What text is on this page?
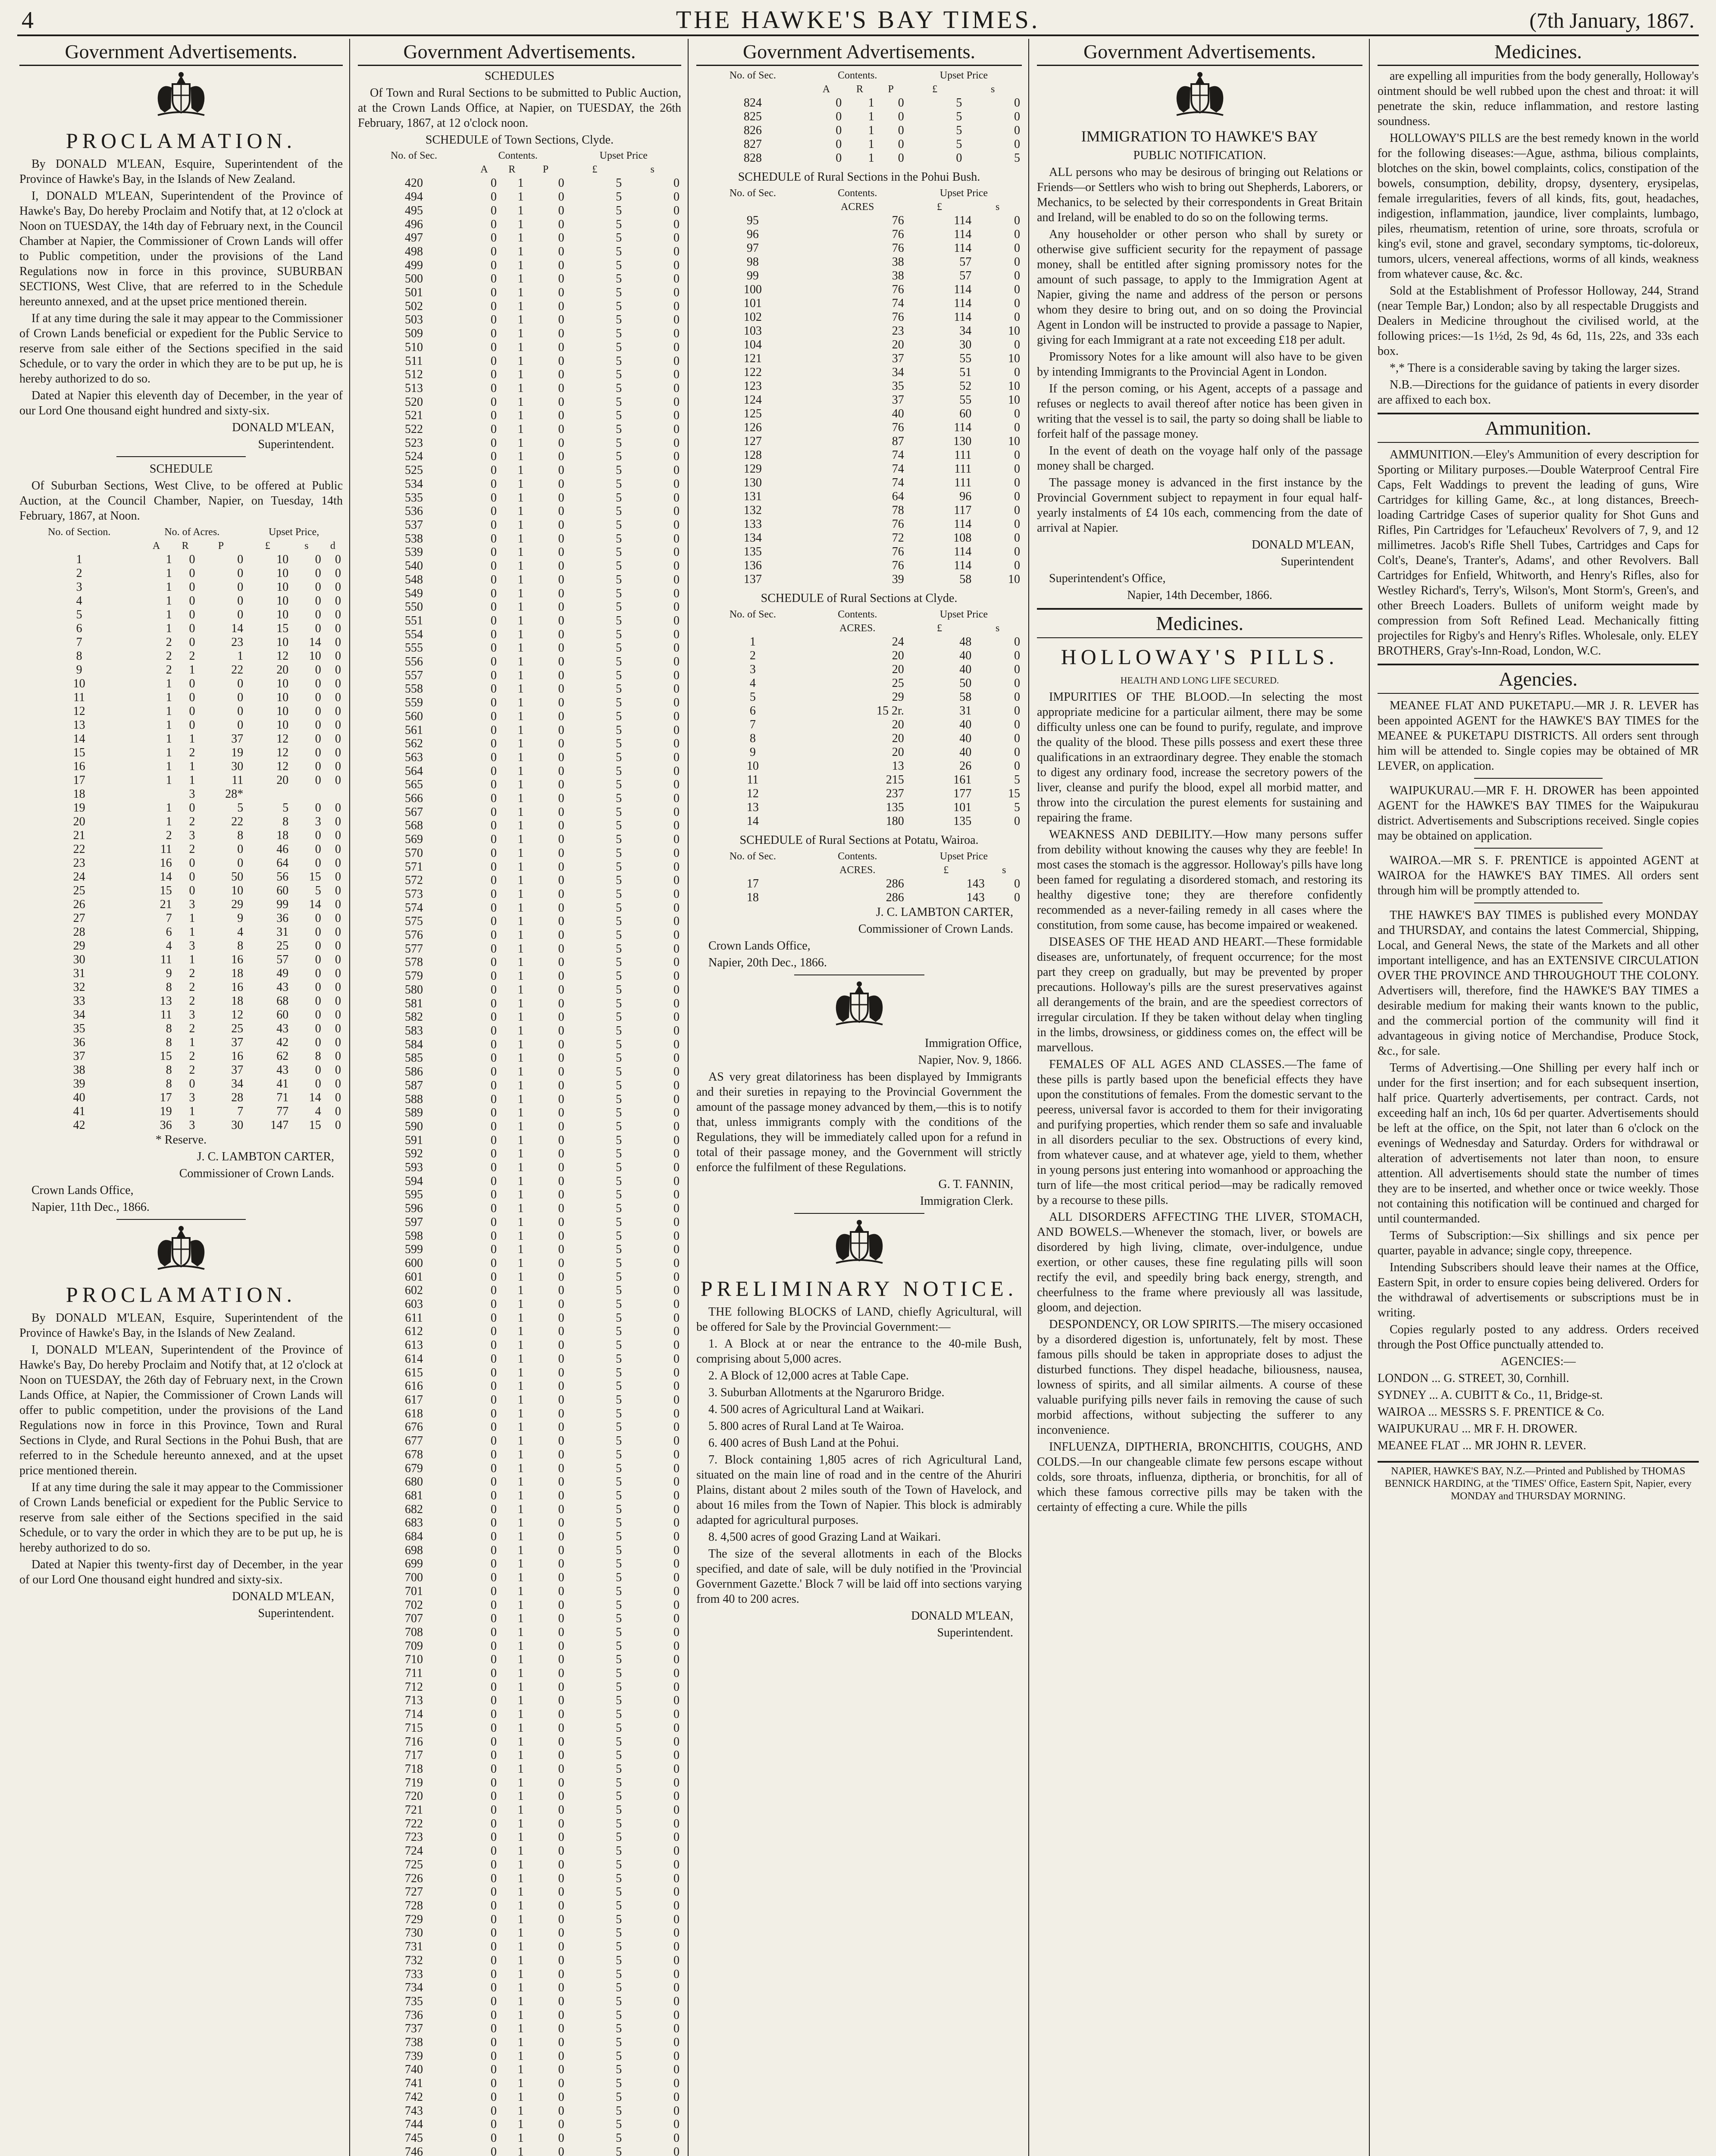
4	THE HAWKE'S BAY TIMES.	(7th January, 1867.
Government Advertisements.

PROCLAMATION.

By DONALD M'LEAN, Esquire, Superintendent of the Province of Hawke's Bay, in the Islands of New Zealand.

I, DONALD M'LEAN, Superintendent of the Province of Hawke's Bay, Do hereby Proclaim and Notify that, at 12 o'clock at Noon on TUESDAY, the 14th day of February next, in the Council Chamber at Napier, the Commissioner of Crown Lands will offer to Public competition, under the provisions of the Land Regulations now in force in this province, SUBURBAN SECTIONS, West Clive, that are referred to in the Schedule hereunto annexed, and at the upset price mentioned therein.

If at any time during the sale it may appear to the Commissioner of Crown Lands beneficial or expedient for the Public Service to reserve from sale either of the Sections specified in the said Schedule, or to vary the order in which they are to be put up, he is hereby authorized to do so.

Dated at Napier this eleventh day of December, in the year of our Lord One thousand eight hundred and sixty-six.

DONALD M'LEAN,

Superintendent.

SCHEDULE

Of Suburban Sections, West Clive, to be offered at Public Auction, at the Council Chamber, Napier, on Tuesday, 14th February, 1867, at Noon.

No. of Section.	No. of Acres.			Upset Price,		
	A	R	P	£	s	d
1	1	0	0	10	0	0
2	1	0	0	10	0	0
3	1	0	0	10	0	0
4	1	0	0	10	0	0
5	1	0	0	10	0	0
6	1	0	14	15	0	0
7	2	0	23	10	14	0
8	2	2	1	12	10	0
9	2	1	22	20	0	0
10	1	0	0	10	0	0
11	1	0	0	10	0	0
12	1	0	0	10	0	0
13	1	0	0	10	0	0
14	1	1	37	12	0	0
15	1	2	19	12	0	0
16	1	1	30	12	0	0
17	1	1	11	20	0	0
18		3	28*			
19	1	0	5	5	0	0
20	1	2	22	8	3	0
21	2	3	8	18	0	0
22	11	2	0	46	0	0
23	16	0	0	64	0	0
24	14	0	50	56	15	0
25	15	0	10	60	5	0
26	21	3	29	99	14	0
27	7	1	9	36	0	0
28	6	1	4	31	0	0
29	4	3	8	25	0	0
30	11	1	16	57	0	0
31	9	2	18	49	0	0
32	8	2	16	43	0	0
33	13	2	18	68	0	0
34	11	3	12	60	0	0
35	8	2	25	43	0	0
36	8	1	37	42	0	0
37	15	2	16	62	8	0
38	8	2	37	43	0	0
39	8	0	34	41	0	0
40	17	3	28	71	14	0
41	19	1	7	77	4	0
42	36	3	30	147	15	0

* Reserve.

J. C. LAMBTON CARTER,

Commissioner of Crown Lands.

Crown Lands Office,

Napier, 11th Dec., 1866.

PROCLAMATION.

By DONALD M'LEAN, Esquire, Superintendent of the Province of Hawke's Bay, in the Islands of New Zealand.

I, DONALD M'LEAN, Superintendent of the Province of Hawke's Bay, Do hereby Proclaim and Notify that, at 12 o'clock at Noon on TUESDAY, the 26th day of February next, in the Crown Lands Office, at Napier, the Commissioner of Crown Lands will offer to public competition, under the provisions of the Land Regulations now in force in this Province, Town and Rural Sections in Clyde, and Rural Sections in the Pohui Bush, that are referred to in the Schedule hereunto annexed, and at the upset price mentioned therein.

If at any time during the sale it may appear to the Commissioner of Crown Lands beneficial or expedient for the Public Service to reserve from sale either of the Sections specified in the said Schedule, or to vary the order in which they are to be put up, he is hereby authorized to do so.

Dated at Napier this twenty-first day of December, in the year of our Lord One thousand eight hundred and sixty-six.

DONALD M'LEAN,

Superintendent.

Government Advertisements.

SCHEDULES

Of Town and Rural Sections to be submitted to Public Auction, at the Crown Lands Office, at Napier, on TUESDAY, the 26th February, 1867, at 12 o'clock noon.

SCHEDULE of Town Sections, Clyde.

No. of Sec.	Contents.			Upset Price	
	A	R	P	£	s
420	0	1	0	5	0
494	0	1	0	5	0
495	0	1	0	5	0
496	0	1	0	5	0
497	0	1	0	5	0
498	0	1	0	5	0
499	0	1	0	5	0
500	0	1	0	5	0
501	0	1	0	5	0
502	0	1	0	5	0
503	0	1	0	5	0
509	0	1	0	5	0
510	0	1	0	5	0
511	0	1	0	5	0
512	0	1	0	5	0
513	0	1	0	5	0
520	0	1	0	5	0
521	0	1	0	5	0
522	0	1	0	5	0
523	0	1	0	5	0
524	0	1	0	5	0
525	0	1	0	5	0
534	0	1	0	5	0
535	0	1	0	5	0
536	0	1	0	5	0
537	0	1	0	5	0
538	0	1	0	5	0
539	0	1	0	5	0
540	0	1	0	5	0
548	0	1	0	5	0
549	0	1	0	5	0
550	0	1	0	5	0
551	0	1	0	5	0
554	0	1	0	5	0
555	0	1	0	5	0
556	0	1	0	5	0
557	0	1	0	5	0
558	0	1	0	5	0
559	0	1	0	5	0
560	0	1	0	5	0
561	0	1	0	5	0
562	0	1	0	5	0
563	0	1	0	5	0
564	0	1	0	5	0
565	0	1	0	5	0
566	0	1	0	5	0
567	0	1	0	5	0
568	0	1	0	5	0
569	0	1	0	5	0
570	0	1	0	5	0
571	0	1	0	5	0
572	0	1	0	5	0
573	0	1	0	5	0
574	0	1	0	5	0
575	0	1	0	5	0
576	0	1	0	5	0
577	0	1	0	5	0
578	0	1	0	5	0
579	0	1	0	5	0
580	0	1	0	5	0
581	0	1	0	5	0
582	0	1	0	5	0
583	0	1	0	5	0
584	0	1	0	5	0
585	0	1	0	5	0
586	0	1	0	5	0
587	0	1	0	5	0
588	0	1	0	5	0
589	0	1	0	5	0
590	0	1	0	5	0
591	0	1	0	5	0
592	0	1	0	5	0
593	0	1	0	5	0
594	0	1	0	5	0
595	0	1	0	5	0
596	0	1	0	5	0
597	0	1	0	5	0
598	0	1	0	5	0
599	0	1	0	5	0
600	0	1	0	5	0
601	0	1	0	5	0
602	0	1	0	5	0
603	0	1	0	5	0
611	0	1	0	5	0
612	0	1	0	5	0
613	0	1	0	5	0
614	0	1	0	5	0
615	0	1	0	5	0
616	0	1	0	5	0
617	0	1	0	5	0
618	0	1	0	5	0
676	0	1	0	5	0
677	0	1	0	5	0
678	0	1	0	5	0
679	0	1	0	5	0
680	0	1	0	5	0
681	0	1	0	5	0
682	0	1	0	5	0
683	0	1	0	5	0
684	0	1	0	5	0
698	0	1	0	5	0
699	0	1	0	5	0
700	0	1	0	5	0
701	0	1	0	5	0
702	0	1	0	5	0
707	0	1	0	5	0
708	0	1	0	5	0
709	0	1	0	5	0
710	0	1	0	5	0
711	0	1	0	5	0
712	0	1	0	5	0
713	0	1	0	5	0
714	0	1	0	5	0
715	0	1	0	5	0
716	0	1	0	5	0
717	0	1	0	5	0
718	0	1	0	5	0
719	0	1	0	5	0
720	0	1	0	5	0
721	0	1	0	5	0
722	0	1	0	5	0
723	0	1	0	5	0
724	0	1	0	5	0
725	0	1	0	5	0
726	0	1	0	5	0
727	0	1	0	5	0
728	0	1	0	5	0
729	0	1	0	5	0
730	0	1	0	5	0
731	0	1	0	5	0
732	0	1	0	5	0
733	0	1	0	5	0
734	0	1	0	5	0
735	0	1	0	5	0
736	0	1	0	5	0
737	0	1	0	5	0
738	0	1	0	5	0
739	0	1	0	5	0
740	0	1	0	5	0
741	0	1	0	5	0
742	0	1	0	5	0
743	0	1	0	5	0
744	0	1	0	5	0
745	0	1	0	5	0
746	0	1	0	5	0

Government Advertisements.
No. of Sec.	Contents.			Upset Price	
	A	R	P	£	s
824	0	1	0	5	0
825	0	1	0	5	0
826	0	1	0	5	0
827	0	1	0	5	0
828	0	1	0	0	5

SCHEDULE of Rural Sections in the Pohui Bush.

No. of Sec.	Contents.	Upset Price	
	ACRES	£	s
95	76	114	0
96	76	114	0
97	76	114	0
98	38	57	0
99	38	57	0
100	76	114	0
101	74	114	0
102	76	114	0
103	23	34	10
104	20	30	0
121	37	55	10
122	34	51	0
123	35	52	10
124	37	55	10
125	40	60	0
126	76	114	0
127	87	130	10
128	74	111	0
129	74	111	0
130	74	111	0
131	64	96	0
132	78	117	0
133	76	114	0
134	72	108	0
135	76	114	0
136	76	114	0
137	39	58	10

SCHEDULE of Rural Sections at Clyde.

No. of Sec.	Contents.	Upset Price	
	ACRES.	£	s
1	24	48	0
2	20	40	0
3	20	40	0
4	25	50	0
5	29	58	0
6	15 2r.	31	0
7	20	40	0
8	20	40	0
9	20	40	0
10	13	26	0
11	215	161	5
12	237	177	15
13	135	101	5
14	180	135	0

SCHEDULE of Rural Sections at Potatu, Wairoa.

No. of Sec.	Contents.	Upset Price	
	ACRES.	£	s
17	286	143	0
18	286	143	0

J. C. LAMBTON CARTER,

Commissioner of Crown Lands.

Crown Lands Office,

Napier, 20th Dec., 1866.

Immigration Office,

Napier, Nov. 9, 1866.

AS very great dilatoriness has been displayed by Immigrants and their sureties in repaying to the Provincial Government the amount of the passage money advanced by them,—this is to notify that, unless immigrants comply with the conditions of the Regulations, they will be immediately called upon for a refund in total of their passage money, and the Government will strictly enforce the fulfilment of these Regulations.

G. T. FANNIN,

Immigration Clerk.

PRELIMINARY NOTICE.

THE following BLOCKS of LAND, chiefly Agricultural, will be offered for Sale by the Provincial Government:—

1. A Block at or near the entrance to the 40-mile Bush, comprising about 5,000 acres.

2. A Block of 12,000 acres at Table Cape.

3. Suburban Allotments at the Ngaruroro Bridge.

4. 500 acres of Agricultural Land at Waikari.

5. 800 acres of Rural Land at Te Wairoa.

6. 400 acres of Bush Land at the Pohui.

7. Block containing 1,805 acres of rich Agricultural Land, situated on the main line of road and in the centre of the Ahuriri Plains, distant about 2 miles south of the Town of Havelock, and about 16 miles from the Town of Napier. This block is admirably adapted for agricultural purposes.

8. 4,500 acres of good Grazing Land at Waikari.

The size of the several allotments in each of the Blocks specified, and date of sale, will be duly notified in the 'Provincial Government Gazette.' Block 7 will be laid off into sections varying from 40 to 200 acres.

DONALD M'LEAN,

Superintendent.

Government Advertisements.

IMMIGRATION TO HAWKE'S BAY

PUBLIC NOTIFICATION.

ALL persons who may be desirous of bringing out Relations or Friends—or Settlers who wish to bring out Shepherds, Laborers, or Mechanics, to be selected by their correspondents in Great Britain and Ireland, will be enabled to do so on the following terms.

Any householder or other person who shall by surety or otherwise give sufficient security for the repayment of passage money, shall be entitled after signing promissory notes for the amount of such passage, to apply to the Immigration Agent at Napier, giving the name and address of the person or persons whom they desire to bring out, and on so doing the Provincial Agent in London will be instructed to provide a passage to Napier, giving for each Immigrant at a rate not exceeding £18 per adult.

Promissory Notes for a like amount will also have to be given by intending Immigrants to the Provincial Agent in London.

If the person coming, or his Agent, accepts of a passage and refuses or neglects to avail thereof after notice has been given in writing that the vessel is to sail, the party so doing shall be liable to forfeit half of the passage money.

In the event of death on the voyage half only of the passage money shall be charged.

The passage money is advanced in the first instance by the Provincial Government subject to repayment in four equal half-yearly instalments of £4 10s each, commencing from the date of arrival at Napier.

DONALD M'LEAN,

Superintendent

Superintendent's Office,

Napier, 14th December, 1866.

Medicines.

HOLLOWAY'S PILLS.

HEALTH AND LONG LIFE SECURED.

IMPURITIES OF THE BLOOD.—In selecting the most appropriate medicine for a particular ailment, there may be some difficulty unless one can be found to purify, regulate, and improve the quality of the blood. These pills possess and exert these three qualifications in an extraordinary degree. They enable the stomach to digest any ordinary food, increase the secretory powers of the liver, cleanse and purify the blood, expel all morbid matter, and throw into the circulation the purest elements for sustaining and repairing the frame.

WEAKNESS AND DEBILITY.—How many persons suffer from debility without knowing the causes why they are feeble! In most cases the stomach is the aggressor. Holloway's pills have long been famed for regulating a disordered stomach, and restoring its healthy digestive tone; they are therefore confidently recommended as a never-failing remedy in all cases where the constitution, from some cause, has become impaired or weakened.

DISEASES OF THE HEAD AND HEART.—These formidable diseases are, unfortunately, of frequent occurrence; for the most part they creep on gradually, but may be prevented by proper precautions. Holloway's pills are the surest preservatives against all derangements of the brain, and are the speediest correctors of irregular circulation. If they be taken without delay when tingling in the limbs, drowsiness, or giddiness comes on, the effect will be marvellous.

FEMALES OF ALL AGES AND CLASSES.—The fame of these pills is partly based upon the beneficial effects they have upon the constitutions of females. From the domestic servant to the peeress, universal favor is accorded to them for their invigorating and purifying properties, which render them so safe and invaluable in all disorders peculiar to the sex. Obstructions of every kind, from whatever cause, and at whatever age, yield to them, whether in young persons just entering into womanhood or approaching the turn of life—the most critical period—may be radically removed by a recourse to these pills.

ALL DISORDERS AFFECTING THE LIVER, STOMACH, AND BOWELS.—Whenever the stomach, liver, or bowels are disordered by high living, climate, over-indulgence, undue exertion, or other causes, these fine regulating pills will soon rectify the evil, and speedily bring back energy, strength, and cheerfulness to the frame where previously all was lassitude, gloom, and dejection.

DESPONDENCY, OR LOW SPIRITS.—The misery occasioned by a disordered digestion is, unfortunately, felt by most. These famous pills should be taken in appropriate doses to adjust the disturbed functions. They dispel headache, biliousness, nausea, lowness of spirits, and all similar ailments. A course of these valuable purifying pills never fails in removing the cause of such morbid affections, without subjecting the sufferer to any inconvenience.

INFLUENZA, DIPTHERIA, BRONCHITIS, COUGHS, AND COLDS.—In our changeable climate few persons escape without colds, sore throats, influenza, diptheria, or bronchitis, for all of which these famous corrective pills may be taken with the certainty of effecting a cure. While the pills

Medicines.

are expelling all impurities from the body generally, Holloway's ointment should be well rubbed upon the chest and throat: it will penetrate the skin, reduce inflammation, and restore lasting soundness.

HOLLOWAY'S PILLS are the best remedy known in the world for the following diseases:—Ague, asthma, bilious complaints, blotches on the skin, bowel complaints, colics, constipation of the bowels, consumption, debility, dropsy, dysentery, erysipelas, female irregularities, fevers of all kinds, fits, gout, headaches, indigestion, inflammation, jaundice, liver complaints, lumbago, piles, rheumatism, retention of urine, sore throats, scrofula or king's evil, stone and gravel, secondary symptoms, tic-doloreux, tumors, ulcers, venereal affections, worms of all kinds, weakness from whatever cause, &c. &c.

Sold at the Establishment of Professor Holloway, 244, Strand (near Temple Bar,) London; also by all respectable Druggists and Dealers in Medicine throughout the civilised world, at the following prices:—1s 1½d, 2s 9d, 4s 6d, 11s, 22s, and 33s each box.

*,* There is a considerable saving by taking the larger sizes.

N.B.—Directions for the guidance of patients in every disorder are affixed to each box.

Ammunition.

AMMUNITION.—Eley's Ammunition of every description for Sporting or Military purposes.—Double Waterproof Central Fire Caps, Felt Waddings to prevent the leading of guns, Wire Cartridges for killing Game, &c., at long distances, Breech-loading Cartridge Cases of superior quality for Shot Guns and Rifles, Pin Cartridges for 'Lefaucheux' Revolvers of 7, 9, and 12 millimetres. Jacob's Rifle Shell Tubes, Cartridges and Caps for Colt's, Deane's, Tranter's, Adams', and other Revolvers. Ball Cartridges for Enfield, Whitworth, and Henry's Rifles, also for Westley Richard's, Terry's, Wilson's, Mont Storm's, Green's, and other Breech Loaders. Bullets of uniform weight made by compression from Soft Refined Lead. Mechanically fitting projectiles for Rigby's and Henry's Rifles. Wholesale, only. ELEY BROTHERS, Gray's-Inn-Road, London, W.C.

Agencies.

MEANEE FLAT AND PUKETAPU.—MR J. R. LEVER has been appointed AGENT for the HAWKE'S BAY TIMES for the MEANEE & PUKETAPU DISTRICTS. All orders sent through him will be attended to. Single copies may be obtained of MR LEVER, on application.

WAIPUKURAU.—MR F. H. DROWER has been appointed AGENT for the HAWKE'S BAY TIMES for the Waipukurau district. Advertisements and Subscriptions received. Single copies may be obtained on application.

WAIROA.—MR S. F. PRENTICE is appointed AGENT at WAIROA for the HAWKE'S BAY TIMES. All orders sent through him will be promptly attended to.

THE HAWKE'S BAY TIMES is published every MONDAY and THURSDAY, and contains the latest Commercial, Shipping, Local, and General News, the state of the Markets and all other important intelligence, and has an EXTENSIVE CIRCULATION OVER THE PROVINCE AND THROUGHOUT THE COLONY. Advertisers will, therefore, find the HAWKE'S BAY TIMES a desirable medium for making their wants known to the public, and the commercial portion of the community will find it advantageous in giving notice of Merchandise, Produce Stock, &c., for sale.

Terms of Advertising.—One Shilling per every half inch or under for the first insertion; and for each subsequent insertion, half price. Quarterly advertisements, per contract. Cards, not exceeding half an inch, 10s 6d per quarter. Advertisements should be left at the office, on the Spit, not later than 6 o'clock on the evenings of Wednesday and Saturday. Orders for withdrawal or alteration of advertisements not later than noon, to ensure attention. All advertisements should state the number of times they are to be inserted, and whether once or twice weekly. Those not containing this notification will be continued and charged for until countermanded.

Terms of Subscription:—Six shillings and six pence per quarter, payable in advance; single copy, threepence.

Intending Subscribers should leave their names at the Office, Eastern Spit, in order to ensure copies being delivered. Orders for the withdrawal of advertisements or subscriptions must be in writing.

Copies regularly posted to any address. Orders received through the Post Office punctually attended to.

AGENCIES:—

LONDON ... G. STREET, 30, Cornhill.

SYDNEY ... A. CUBITT & Co., 11, Bridge-st.

WAIROA ... MESSRS S. F. PRENTICE & Co.

WAIPUKURAU ... MR F. H. DROWER.

MEANEE FLAT ... MR JOHN R. LEVER.

NAPIER, HAWKE'S BAY, N.Z.—Printed and Published by THOMAS BENNICK HARDING, at the 'TIMES' Office, Eastern Spit, Napier, every MONDAY and THURSDAY MORNING.
